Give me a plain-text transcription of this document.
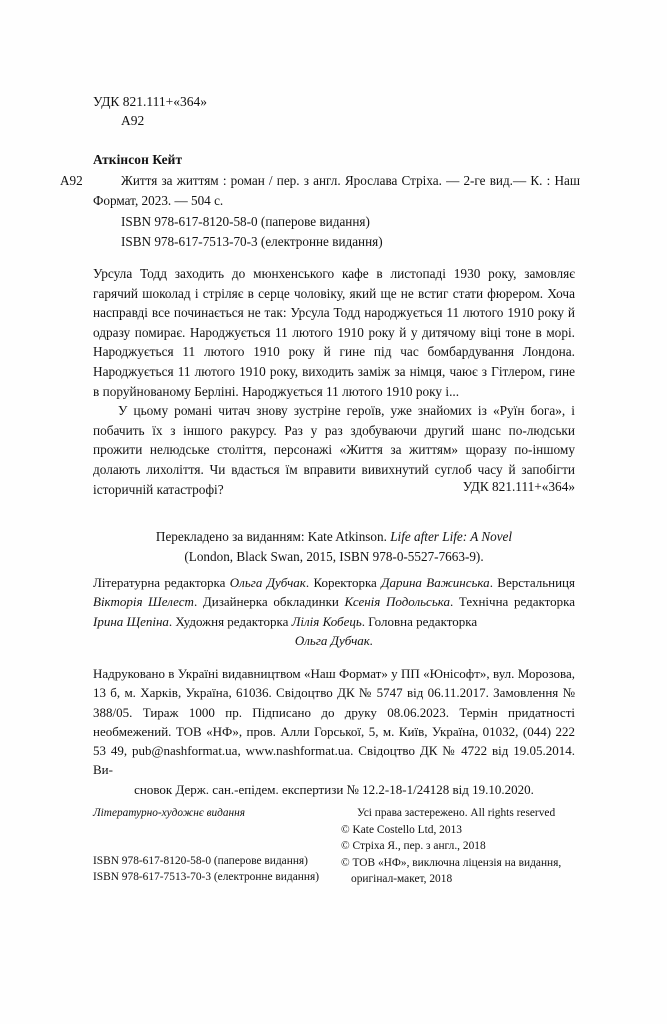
УДК 821.111+«364»
А92
Аткінсон Кейт
А92	Життя за життям : роман / пер. з англ. Ярослава Стріха. — 2-ге вид.— К. : Наш Формат, 2023. — 504 с.
ISBN 978-617-8120-58-0 (паперове видання)
ISBN 978-617-7513-70-3 (електронне видання)

Урсула Тодд заходить до мюнхенського кафе в листопаді 1930 року, замовляє гарячий шоколад і стріляє в серце чоловіку, який ще не встиг стати фюрером. Хоча насправді все починається не так: Урсула Тодд народжується 11 лютого 1910 року й одразу помирає. Народжується 11 лютого 1910 року й у дитячому віці тоне в морі. Народжується 11 лютого 1910 року й гине під час бомбардування Лондона. Народжується 11 лютого 1910 року, виходить заміж за німця, чаює з Гітлером, гине в поруйнованому Берліні. Народжується 11 лютого 1910 року і...

У цьому романі читач знову зустріне героїв, уже знайомих із «Руїн бога», і побачить їх з іншого ракурсу. Раз у раз здобуваючи другий шанс по-людськи прожити нелюдське століття, персонажі «Життя за життям» щоразу по-іншому долають лихоліття. Чи вдасться їм вправити вивихнутий суглоб часу й запобігти історичній катастрофі?	УДК 821.111+«364»
Перекладено за виданням: Kate Atkinson. Life after Life: A Novel
(London, Black Swan, 2015, ISBN 978-0-5527-7663-9).
Літературна редакторка Ольга Дубчак. Коректорка Дарина Важинська. Верстальниця Вікторія Шелест. Дизайнерка обкладинки Ксенія Подольська. Технічна редакторка Ірина Щепіна. Художня редакторка Лілія Кобець. Головна редакторка
Ольга Дубчак.
Надруковано в Україні видавництвом «Наш Формат» у ПП «Юнісофт», вул. Морозова, 13 б, м. Харків, Україна, 61036. Свідоцтво ДК № 5747 від 06.11.2017. Замовлення № 388/05. Тираж 1000 пр. Підписано до друку 08.06.2023. Термін придатності необмежений. ТОВ «НФ», пров. Алли Горської, 5, м. Київ, Україна, 01032, (044) 222 53 49, pub@nashformat.ua, www.nashformat.ua. Свідоцтво ДК № 4722 від 19.05.2014. Ви-
сновок Держ. сан.-епідем. експертизи № 12.2-18-1/24128 від 19.10.2020.
Літературно-художнє видання
ISBN 978-617-8120-58-0 (паперове видання)
ISBN 978-617-7513-70-3 (електронне видання)
Усі права застережено. All rights reserved
© Kate Costello Ltd, 2013
© Стріха Я., пер. з англ., 2018
© ТОВ «НФ», виключна ліцензія на видання,
оригінал-макет, 2018
